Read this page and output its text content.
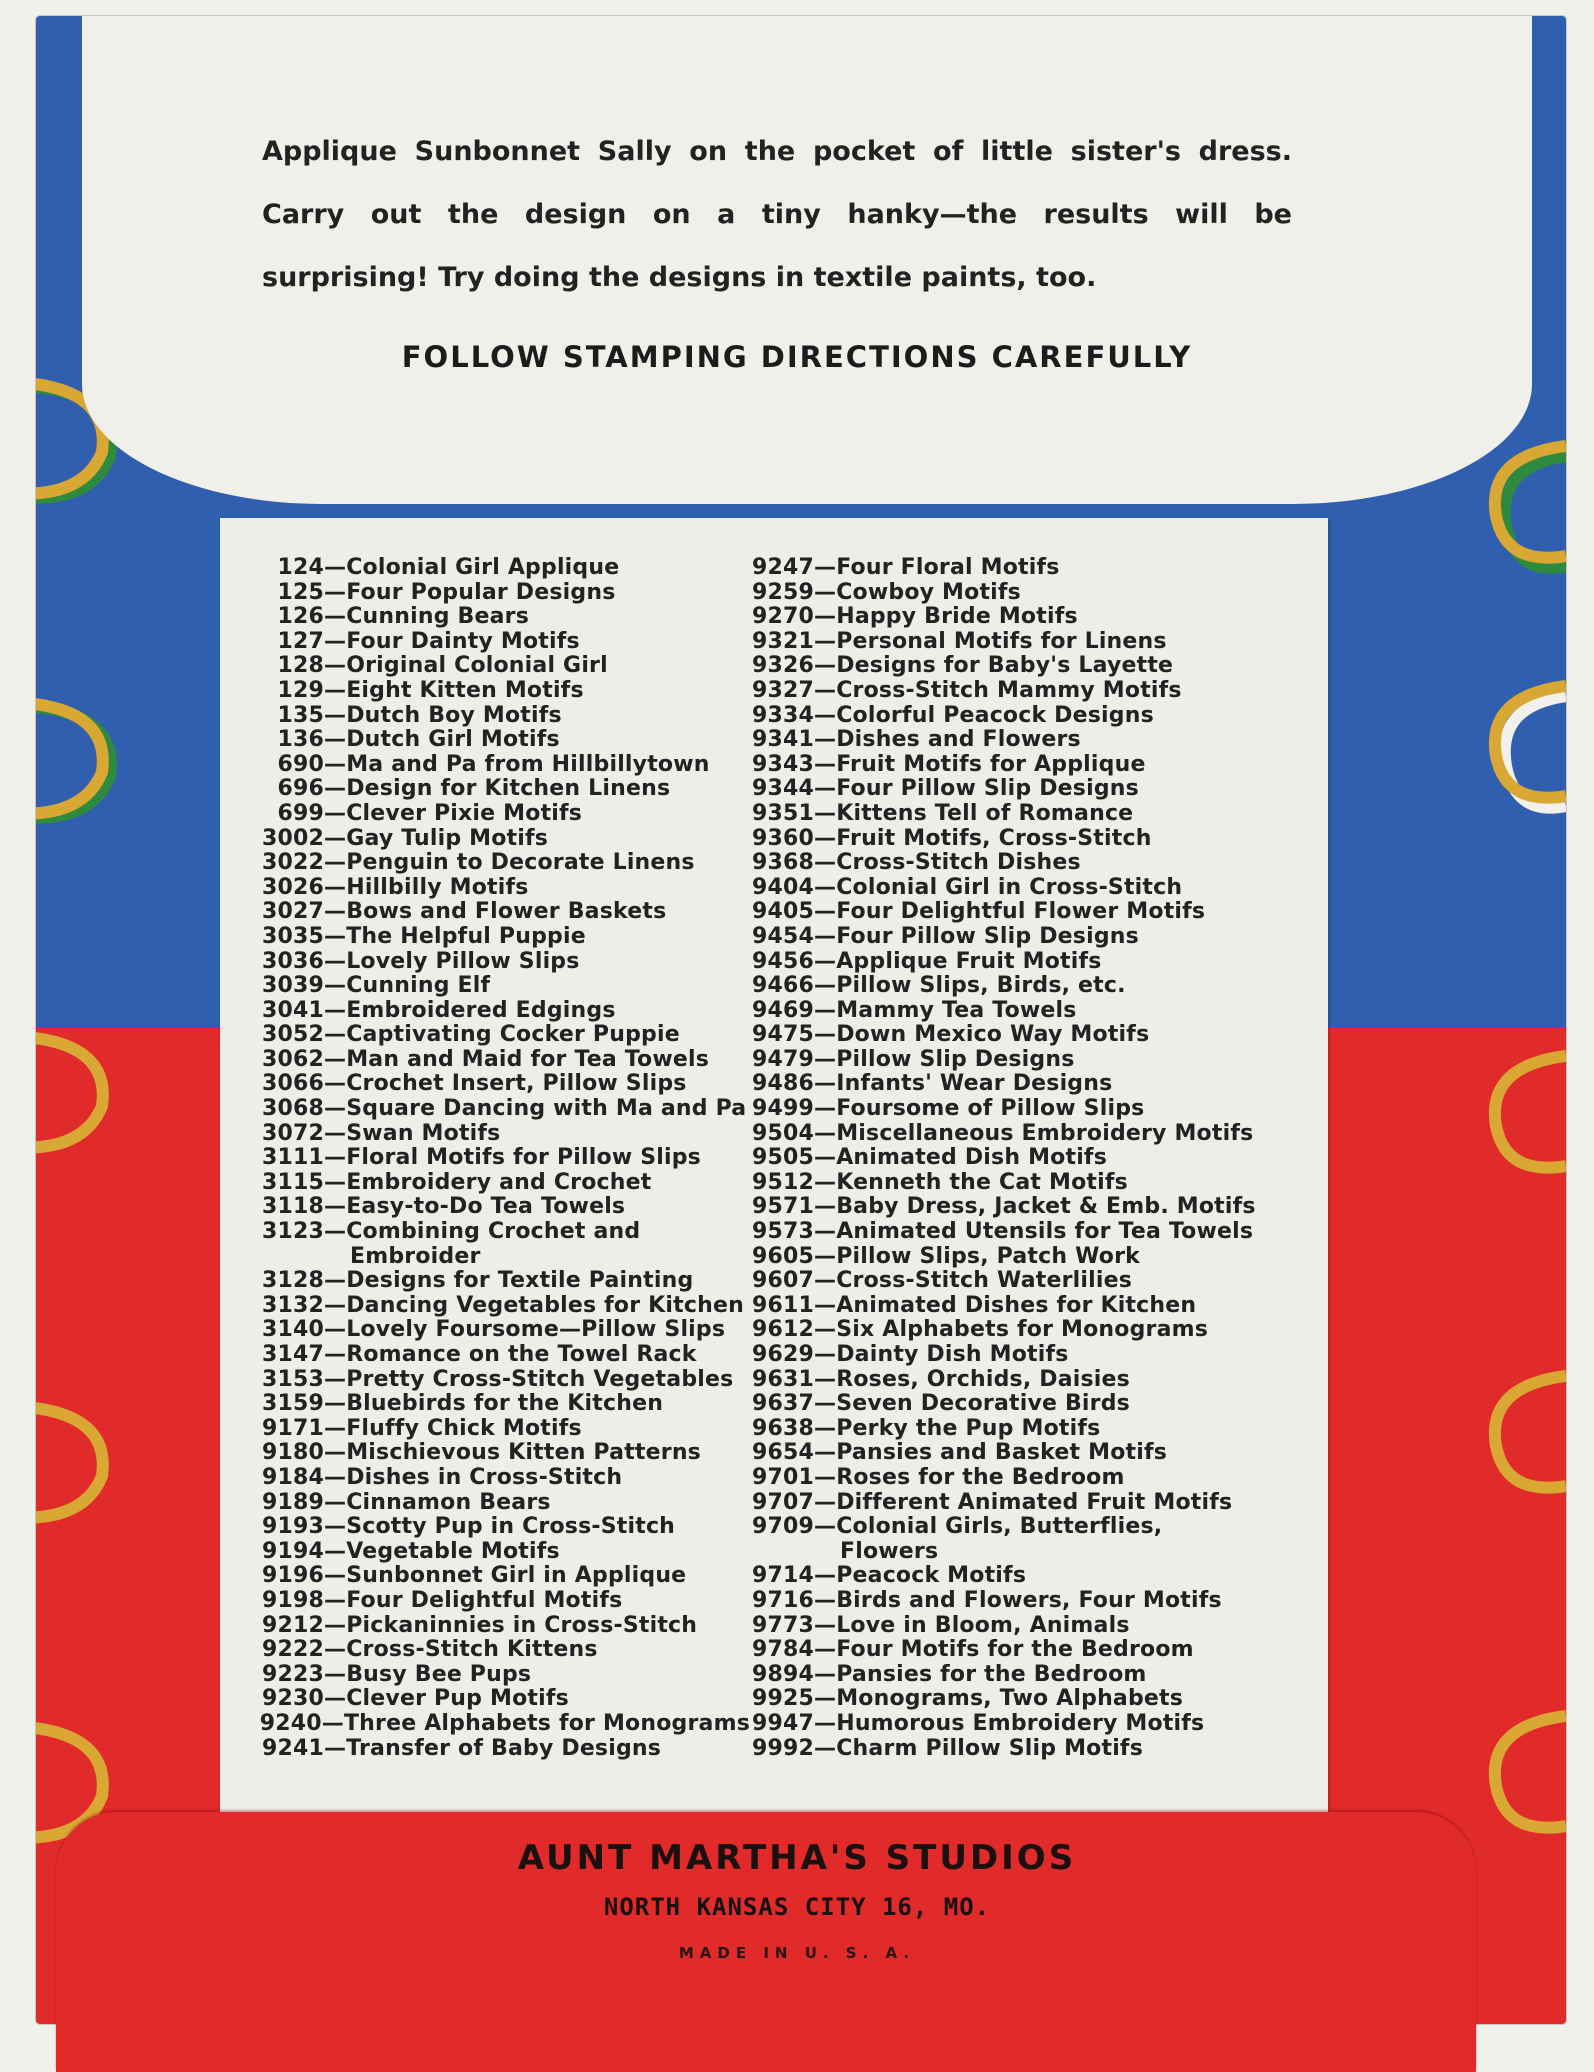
Applique Sunbonnet Sally on the pocket of little sister's dress. Carry out the design on a tiny hanky—the results will be surprising! Try doing the designs in textile paints, too.
FOLLOW STAMPING DIRECTIONS CAREFULLY
124 — Colonial Girl Applique
125 — Four Popular Designs
126 — Cunning Bears
127 — Four Dainty Motifs
128 — Original Colonial Girl
129 — Eight Kitten Motifs
135 — Dutch Boy Motifs
136 — Dutch Girl Motifs
690 — Ma and Pa from Hillbillytown
696 — Design for Kitchen Linens
699 — Clever Pixie Motifs
3002 — Gay Tulip Motifs
3022 — Penguin to Decorate Linens
3026 — Hillbilly Motifs
3027 — Bows and Flower Baskets
3035 — The Helpful Puppie
3036 — Lovely Pillow Slips
3039 — Cunning Elf
3041 — Embroidered Edgings
3052 — Captivating Cocker Puppie
3062 — Man and Maid for Tea Towels
3066 — Crochet Insert, Pillow Slips
3068 — Square Dancing with Ma and Pa
3072 — Swan Motifs
3111 — Floral Motifs for Pillow Slips
3115 — Embroidery and Crochet
3118 — Easy-to-Do Tea Towels
3123 — Combining Crochet and
Embroider
3128 — Designs for Textile Painting
3132 — Dancing Vegetables for Kitchen
3140 — Lovely Foursome—Pillow Slips
3147 — Romance on the Towel Rack
3153 — Pretty Cross-Stitch Vegetables
3159 — Bluebirds for the Kitchen
9171 — Fluffy Chick Motifs
9180 — Mischievous Kitten Patterns
9184 — Dishes in Cross-Stitch
9189 — Cinnamon Bears
9193 — Scotty Pup in Cross-Stitch
9194 — Vegetable Motifs
9196 — Sunbonnet Girl in Applique
9198 — Four Delightful Motifs
9212 — Pickaninnies in Cross-Stitch
9222 — Cross-Stitch Kittens
9223 — Busy Bee Pups
9230 — Clever Pup Motifs
9240 — Three Alphabets for Monograms
9241 — Transfer of Baby Designs
9247 — Four Floral Motifs
9259 — Cowboy Motifs
9270 — Happy Bride Motifs
9321 — Personal Motifs for Linens
9326 — Designs for Baby's Layette
9327 — Cross-Stitch Mammy Motifs
9334 — Colorful Peacock Designs
9341 — Dishes and Flowers
9343 — Fruit Motifs for Applique
9344 — Four Pillow Slip Designs
9351 — Kittens Tell of Romance
9360 — Fruit Motifs, Cross-Stitch
9368 — Cross-Stitch Dishes
9404 — Colonial Girl in Cross-Stitch
9405 — Four Delightful Flower Motifs
9454 — Four Pillow Slip Designs
9456 — Applique Fruit Motifs
9466 — Pillow Slips, Birds, etc.
9469 — Mammy Tea Towels
9475 — Down Mexico Way Motifs
9479 — Pillow Slip Designs
9486 — Infants' Wear Designs
9499 — Foursome of Pillow Slips
9504 — Miscellaneous Embroidery Motifs
9505 — Animated Dish Motifs
9512 — Kenneth the Cat Motifs
9571 — Baby Dress, Jacket & Emb. Motifs
9573 — Animated Utensils for Tea Towels
9605 — Pillow Slips, Patch Work
9607 — Cross-Stitch Waterlilies
9611 — Animated Dishes for Kitchen
9612 — Six Alphabets for Monograms
9629 — Dainty Dish Motifs
9631 — Roses, Orchids, Daisies
9637 — Seven Decorative Birds
9638 — Perky the Pup Motifs
9654 — Pansies and Basket Motifs
9701 — Roses for the Bedroom
9707 — Different Animated Fruit Motifs
9709 — Colonial Girls, Butterflies,
Flowers
9714 — Peacock Motifs
9716 — Birds and Flowers, Four Motifs
9773 — Love in Bloom, Animals
9784 — Four Motifs for the Bedroom
9894 — Pansies for the Bedroom
9925 — Monograms, Two Alphabets
9947 — Humorous Embroidery Motifs
9992 — Charm Pillow Slip Motifs
AUNT MARTHA'S STUDIOS
NORTH KANSAS CITY 16, MO.
MADE IN U. S. A.
